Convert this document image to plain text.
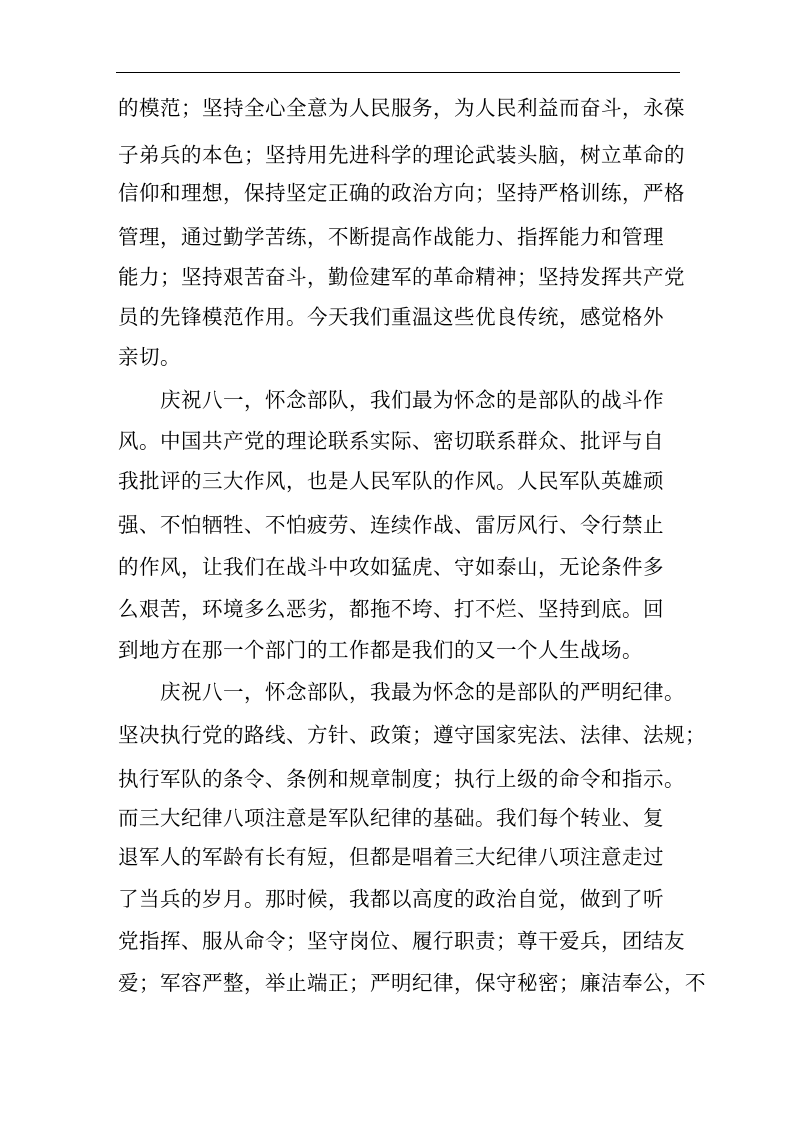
的模范；坚持全心全意为人民服务，为人民利益而奋斗，永葆
子弟兵的本色；坚持用先进科学的理论武装头脑，树立革命的
信仰和理想，保持坚定正确的政治方向；坚持严格训练，严格
管理，通过勤学苦练，不断提高作战能力、指挥能力和管理
能力；坚持艰苦奋斗，勤俭建军的革命精神；坚持发挥共产党
员的先锋模范作用。今天我们重温这些优良传统，感觉格外
亲切。
庆祝八一，怀念部队，我们最为怀念的是部队的战斗作
风。中国共产党的理论联系实际、密切联系群众、批评与自
我批评的三大作风，也是人民军队的作风。人民军队英雄顽
强、不怕牺牲、不怕疲劳、连续作战、雷厉风行、令行禁止
的作风，让我们在战斗中攻如猛虎、守如泰山，无论条件多
么艰苦，环境多么恶劣，都拖不垮、打不烂、坚持到底。回
到地方在那一个部门的工作都是我们的又一个人生战场。
庆祝八一，怀念部队，我最为怀念的是部队的严明纪律。
坚决执行党的路线、方针、政策；遵守国家宪法、法律、法规；
执行军队的条令、条例和规章制度；执行上级的命令和指示。
而三大纪律八项注意是军队纪律的基础。我们每个转业、复
退军人的军龄有长有短，但都是唱着三大纪律八项注意走过
了当兵的岁月。那时候，我都以高度的政治自觉，做到了听
党指挥、服从命令；坚守岗位、履行职责；尊干爱兵，团结友
爱；军容严整，举止端正；严明纪律，保守秘密；廉洁奉公，不
